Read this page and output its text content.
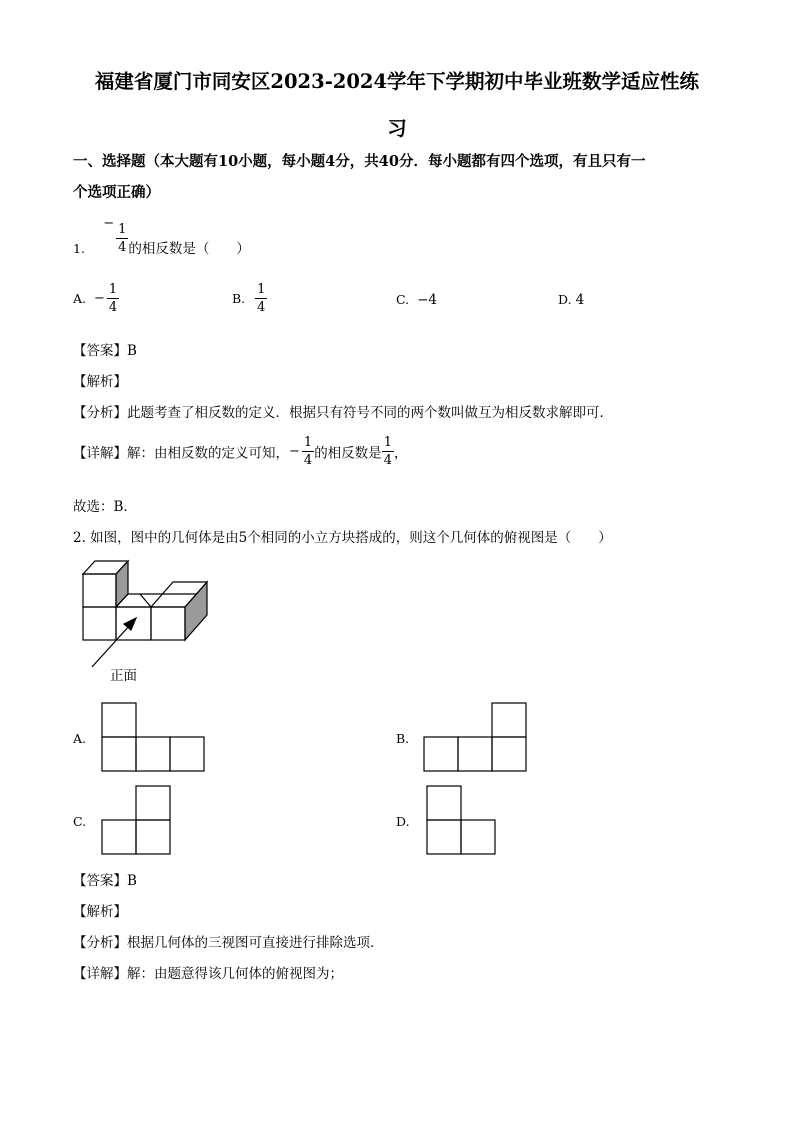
福建省厦门市同安区2023-2024学年下学期初中毕业班数学适应性练
习
一、选择题（本大题有10小题，每小题4分，共40分．每小题都有四个选项，有且只有一
个选项正确）
1. − $\frac{1}{4}$ 的相反数是（　　）
A. − $\frac{1}{4}$	B. $\frac{1}{4}$	C. −4	D. 4
【答案】B
【解析】
【分析】此题考查了相反数的定义．根据只有符号不同的两个数叫做互为相反数求解即可．
【详解】解：由相反数的定义可知，− $\frac{1}{4}$ 的相反数是 $\frac{1}{4}$ ，
故选：B．
2. 如图，图中的几何体是由5个相同的小立方块搭成的，则这个几何体的俯视图是（　　）
正面
A.	B.
C.	D.
【答案】B
【解析】
【分析】根据几何体的三视图可直接进行排除选项．
【详解】解：由题意得该几何体的俯视图为；
